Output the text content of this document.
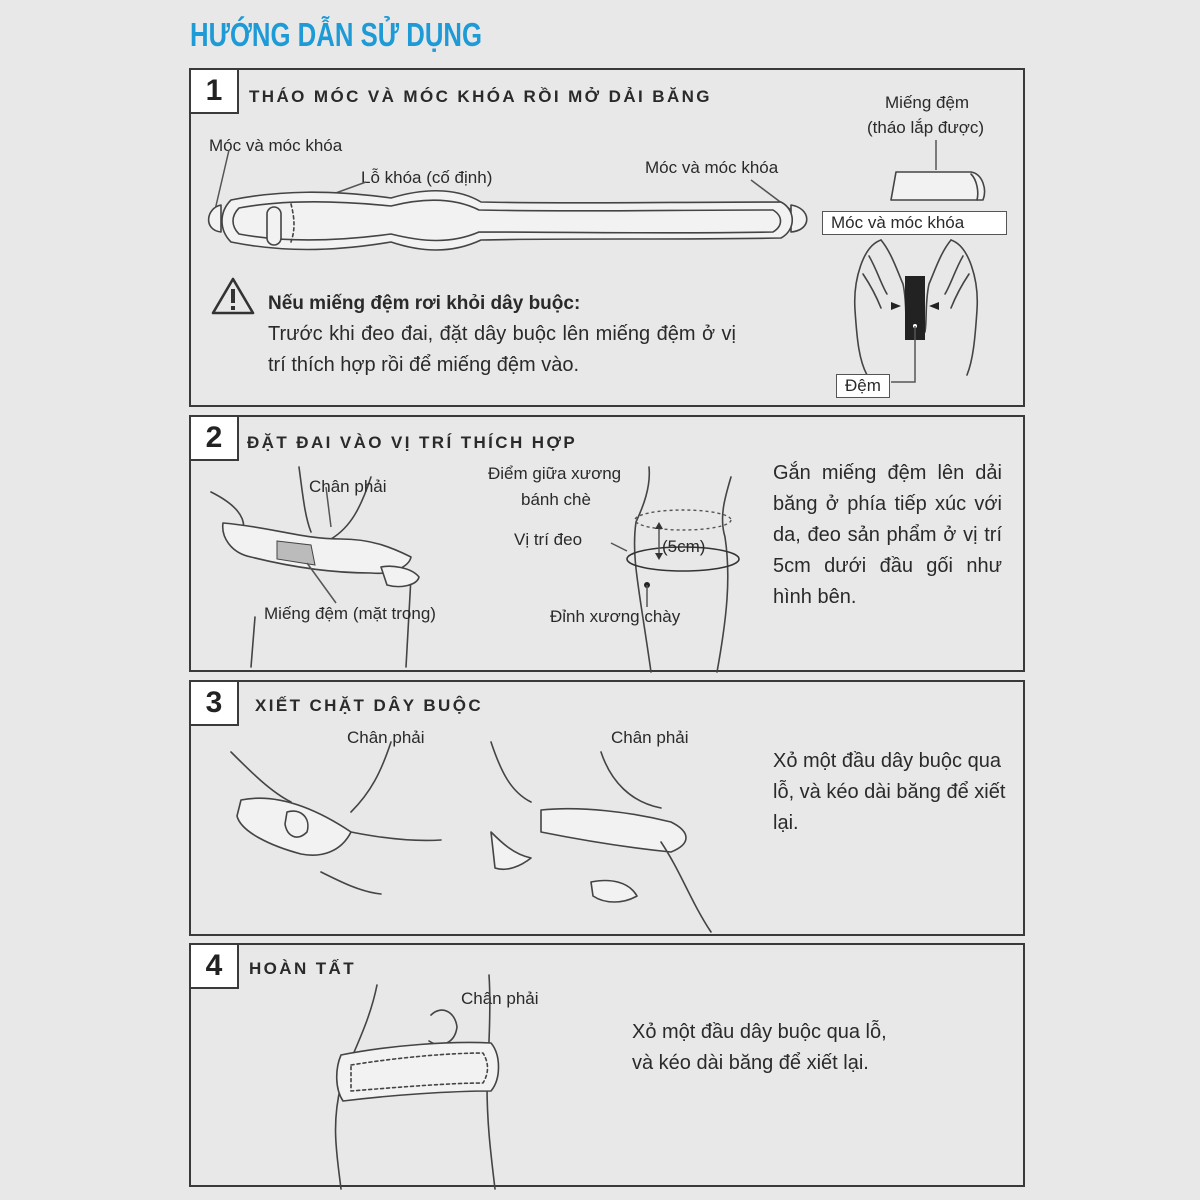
HƯỚNG DẪN SỬ DỤNG
1	THÁO MÓC VÀ MÓC KHÓA RỒI MỞ DẢI BĂNG
Móc và móc khóa
Lỗ khóa (cố định)
Móc và móc khóa
Miếng đệm
(tháo lắp được)
Nếu miếng đệm rơi khỏi dây buộc:
Trước khi đeo đai, đặt dây buộc lên miếng đệm ở vị trí thích hợp rồi để miếng đệm vào.
Móc và móc khóa
Đệm
2	ĐẶT ĐAI VÀO VỊ TRÍ THÍCH HỢP
Chân phải
Miếng đệm (mặt trong)
Điểm giữa xương
bánh chè
Vị trí đeo	(5cm)
Đỉnh xương chày
Gắn miếng đệm lên dải băng ở phía tiếp xúc với da, đeo sản phẩm ở vị trí 5cm dưới đầu gối như hình bên.
3	XIẾT CHẶT DÂY BUỘC
Chân phải	Chân phải
Xỏ một đầu dây buộc qua lỗ, và kéo dài băng để xiết lại.
4	HOÀN TẤT
Chân phải
Xỏ một đầu dây buộc qua lỗ,
và kéo dài băng để xiết lại.
